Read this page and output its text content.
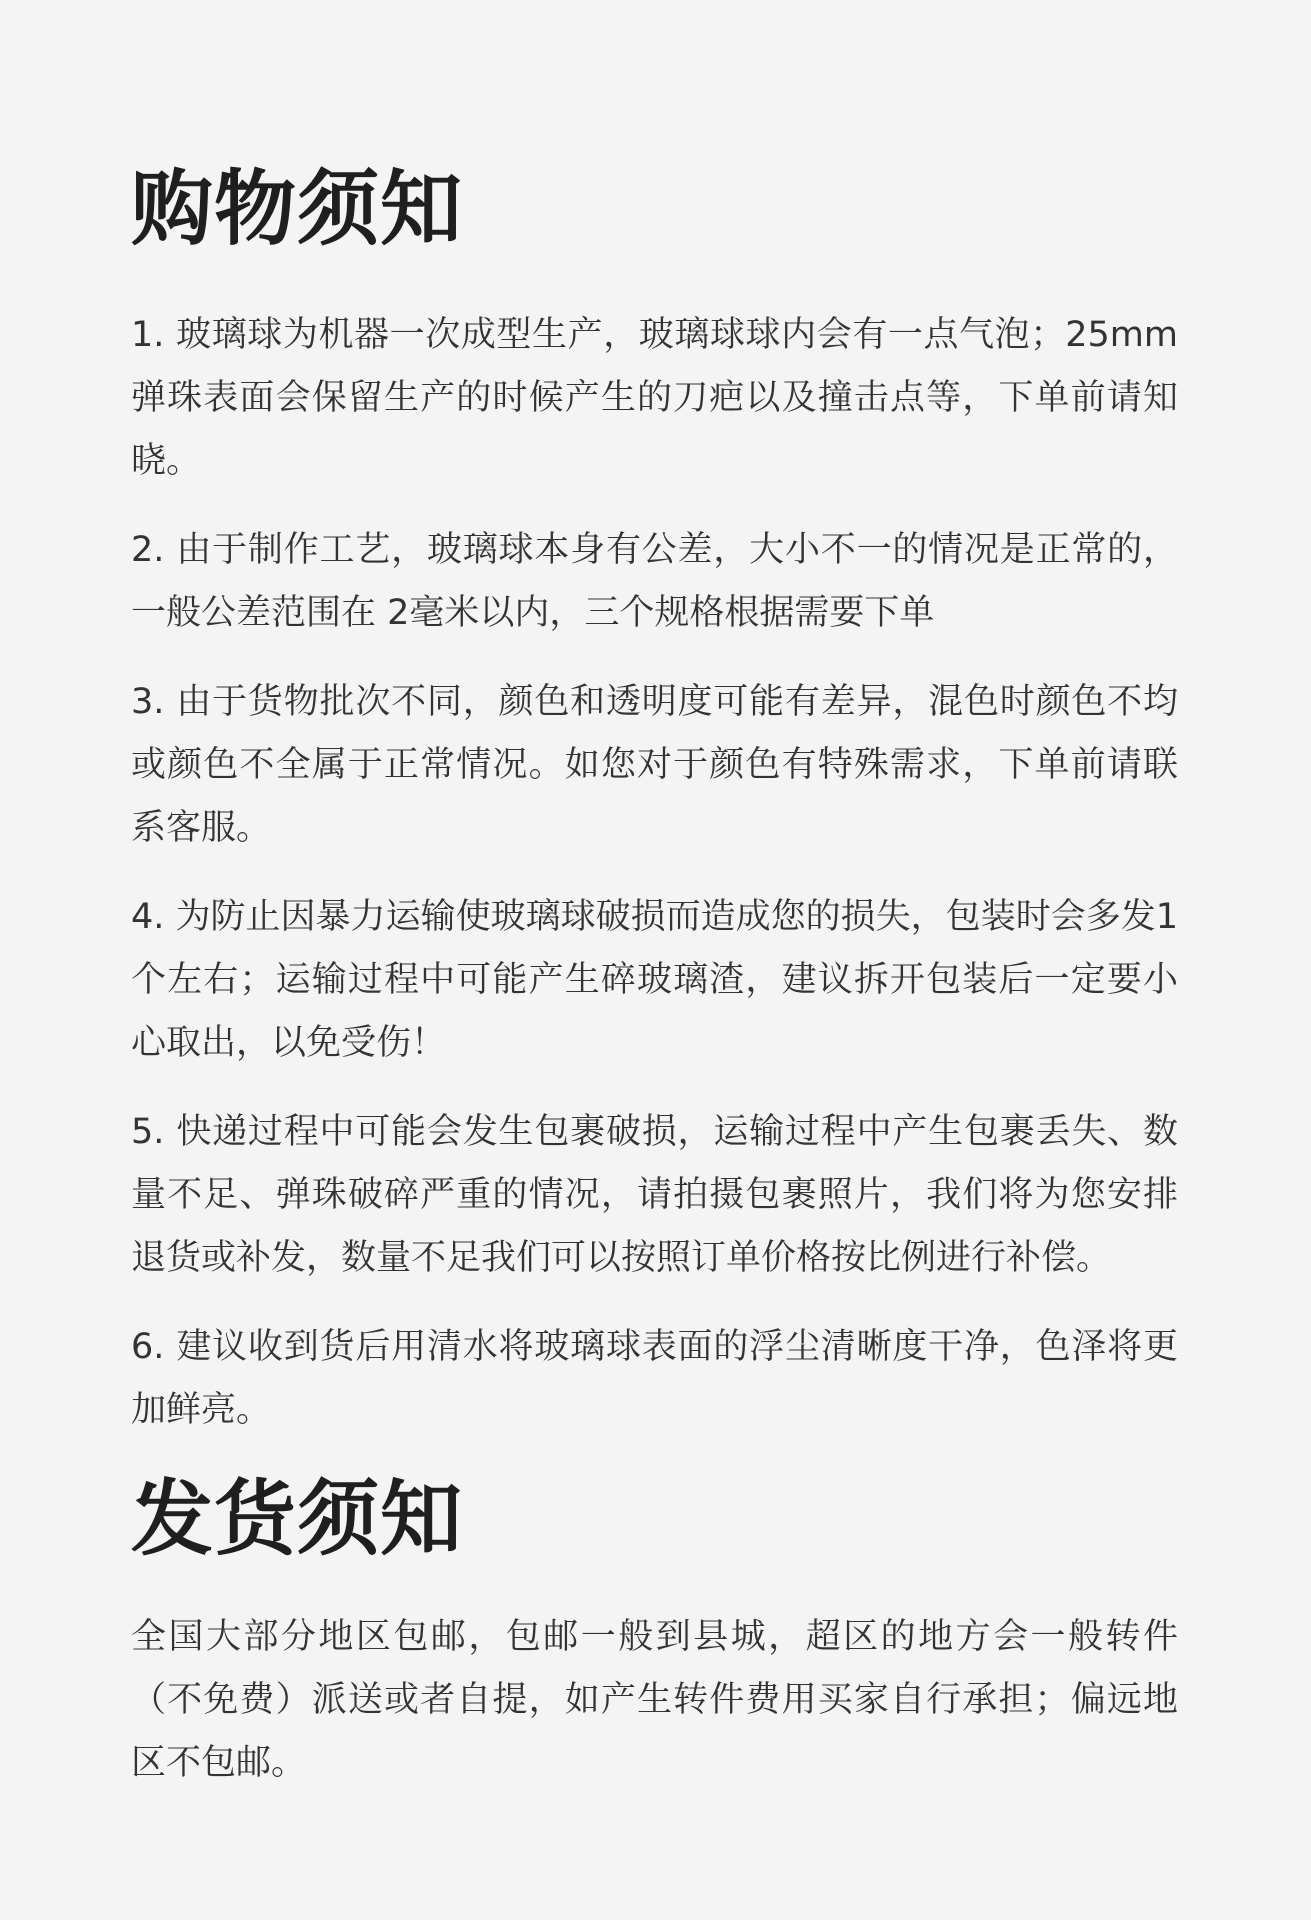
购物须知
1. 玻璃球为机器一次成型生产，玻璃球球内会有一点气泡；25mm弹珠表面会保留生产的时候产生的刀疤以及撞击点等，下单前请知晓。
2. 由于制作工艺，玻璃球本身有公差，大小不一的情况是正常的，一般公差范围在 2毫米以内，三个规格根据需要下单
3. 由于货物批次不同，颜色和透明度可能有差异，混色时颜色不均或颜色不全属于正常情况。如您对于颜色有特殊需求，下单前请联系客服。
4. 为防止因暴力运输使玻璃球破损而造成您的损失，包装时会多发1个左右；运输过程中可能产生碎玻璃渣，建议拆开包装后一定要小心取出，以免受伤！
5. 快递过程中可能会发生包裹破损，运输过程中产生包裹丢失、数量不足、弹珠破碎严重的情况，请拍摄包裹照片，我们将为您安排退货或补发，数量不足我们可以按照订单价格按比例进行补偿。
6. 建议收到货后用清水将玻璃球表面的浮尘清晰度干净，色泽将更加鲜亮。
发货须知

全国大部分地区包邮，包邮一般到县城，超区的地方会一般转件（不免费）派送或者自提，如产生转件费用买家自行承担；偏远地区不包邮。
